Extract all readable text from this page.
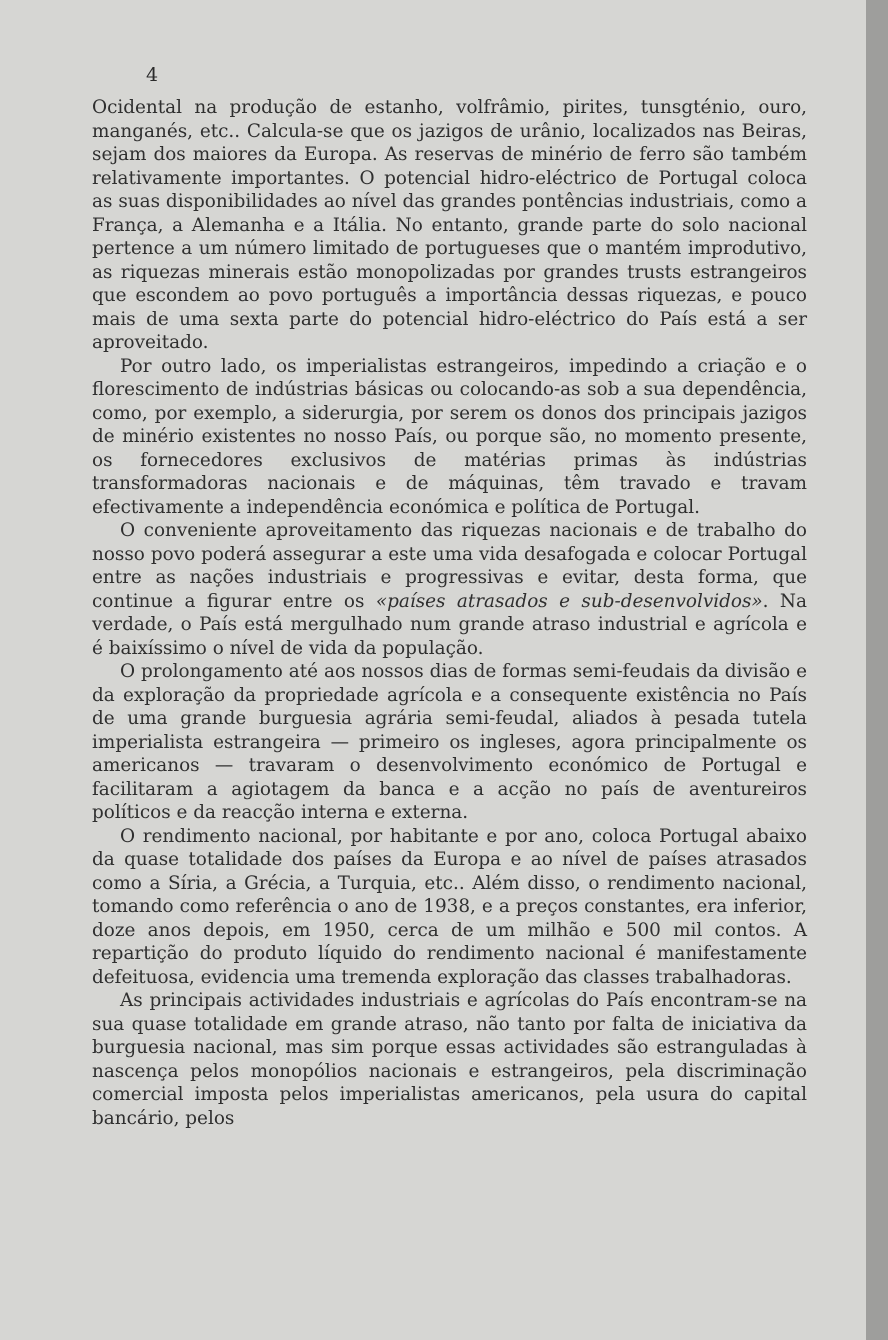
4

Ocidental na produção de estanho, volfrâmio, pirites, tunsgténio, ouro, manganés, etc.. Calcula-se que os jazigos de urânio, localizados nas Beiras, sejam dos maiores da Europa. As reservas de minério de ferro são também relativamente importantes. O potencial hidro-eléctrico de Portugal coloca as suas disponibilidades ao nível das grandes pontências industriais, como a França, a Alemanha e a Itália. No entanto, grande parte do solo nacional pertence a um número limitado de portugueses que o mantém improdutivo, as riquezas minerais estão monopolizadas por grandes trusts estrangeiros que escondem ao povo português a importância dessas riquezas, e pouco mais de uma sexta parte do potencial hidro-eléctrico do País está a ser aproveitado.

Por outro lado, os imperialistas estrangeiros, impedindo a criação e o florescimento de indústrias básicas ou colocando-as sob a sua dependência, como, por exemplo, a siderurgia, por serem os donos dos principais jazigos de minério existentes no nosso País, ou porque são, no momento presente, os fornecedores exclusivos de matérias primas às indústrias transformadoras nacionais e de máquinas, têm travado e travam efectivamente a independência económica e política de Portugal.

O conveniente aproveitamento das riquezas nacionais e de trabalho do nosso povo poderá assegurar a este uma vida desafogada e colocar Portugal entre as nações industriais e progressivas e evitar, desta forma, que continue a figurar entre os «países atrasados e sub-desenvolvidos». Na verdade, o País está mergulhado num grande atraso industrial e agrícola e é baixíssimo o nível de vida da população.

O prolongamento até aos nossos dias de formas semi-feudais da divisão e da exploração da propriedade agrícola e a consequente existência no País de uma grande burguesia agrária semi-feudal, aliados à pesada tutela imperialista estrangeira — primeiro os ingleses, agora principalmente os americanos — travaram o desenvolvimento económico de Portugal e facilitaram a agiotagem da banca e a acção no país de aventureiros políticos e da reacção interna e externa.

O rendimento nacional, por habitante e por ano, coloca Portugal abaixo da quase totalidade dos países da Europa e ao nível de países atrasados como a Síria, a Grécia, a Turquia, etc.. Além disso, o rendimento nacional, tomando como referência o ano de 1938, e a preços constantes, era inferior, doze anos depois, em 1950, cerca de um milhão e 500 mil contos. A repartição do produto líquido do rendimento nacional é manifestamente defeituosa, evidencia uma tremenda exploração das classes trabalhadoras.

As principais actividades industriais e agrícolas do País encontram-se na sua quase totalidade em grande atraso, não tanto por falta de iniciativa da burguesia nacional, mas sim porque essas actividades são estranguladas à nascença pelos monopólios nacionais e estrangeiros, pela discriminação comercial imposta pelos imperialistas americanos, pela usura do capital bancário, pelos
